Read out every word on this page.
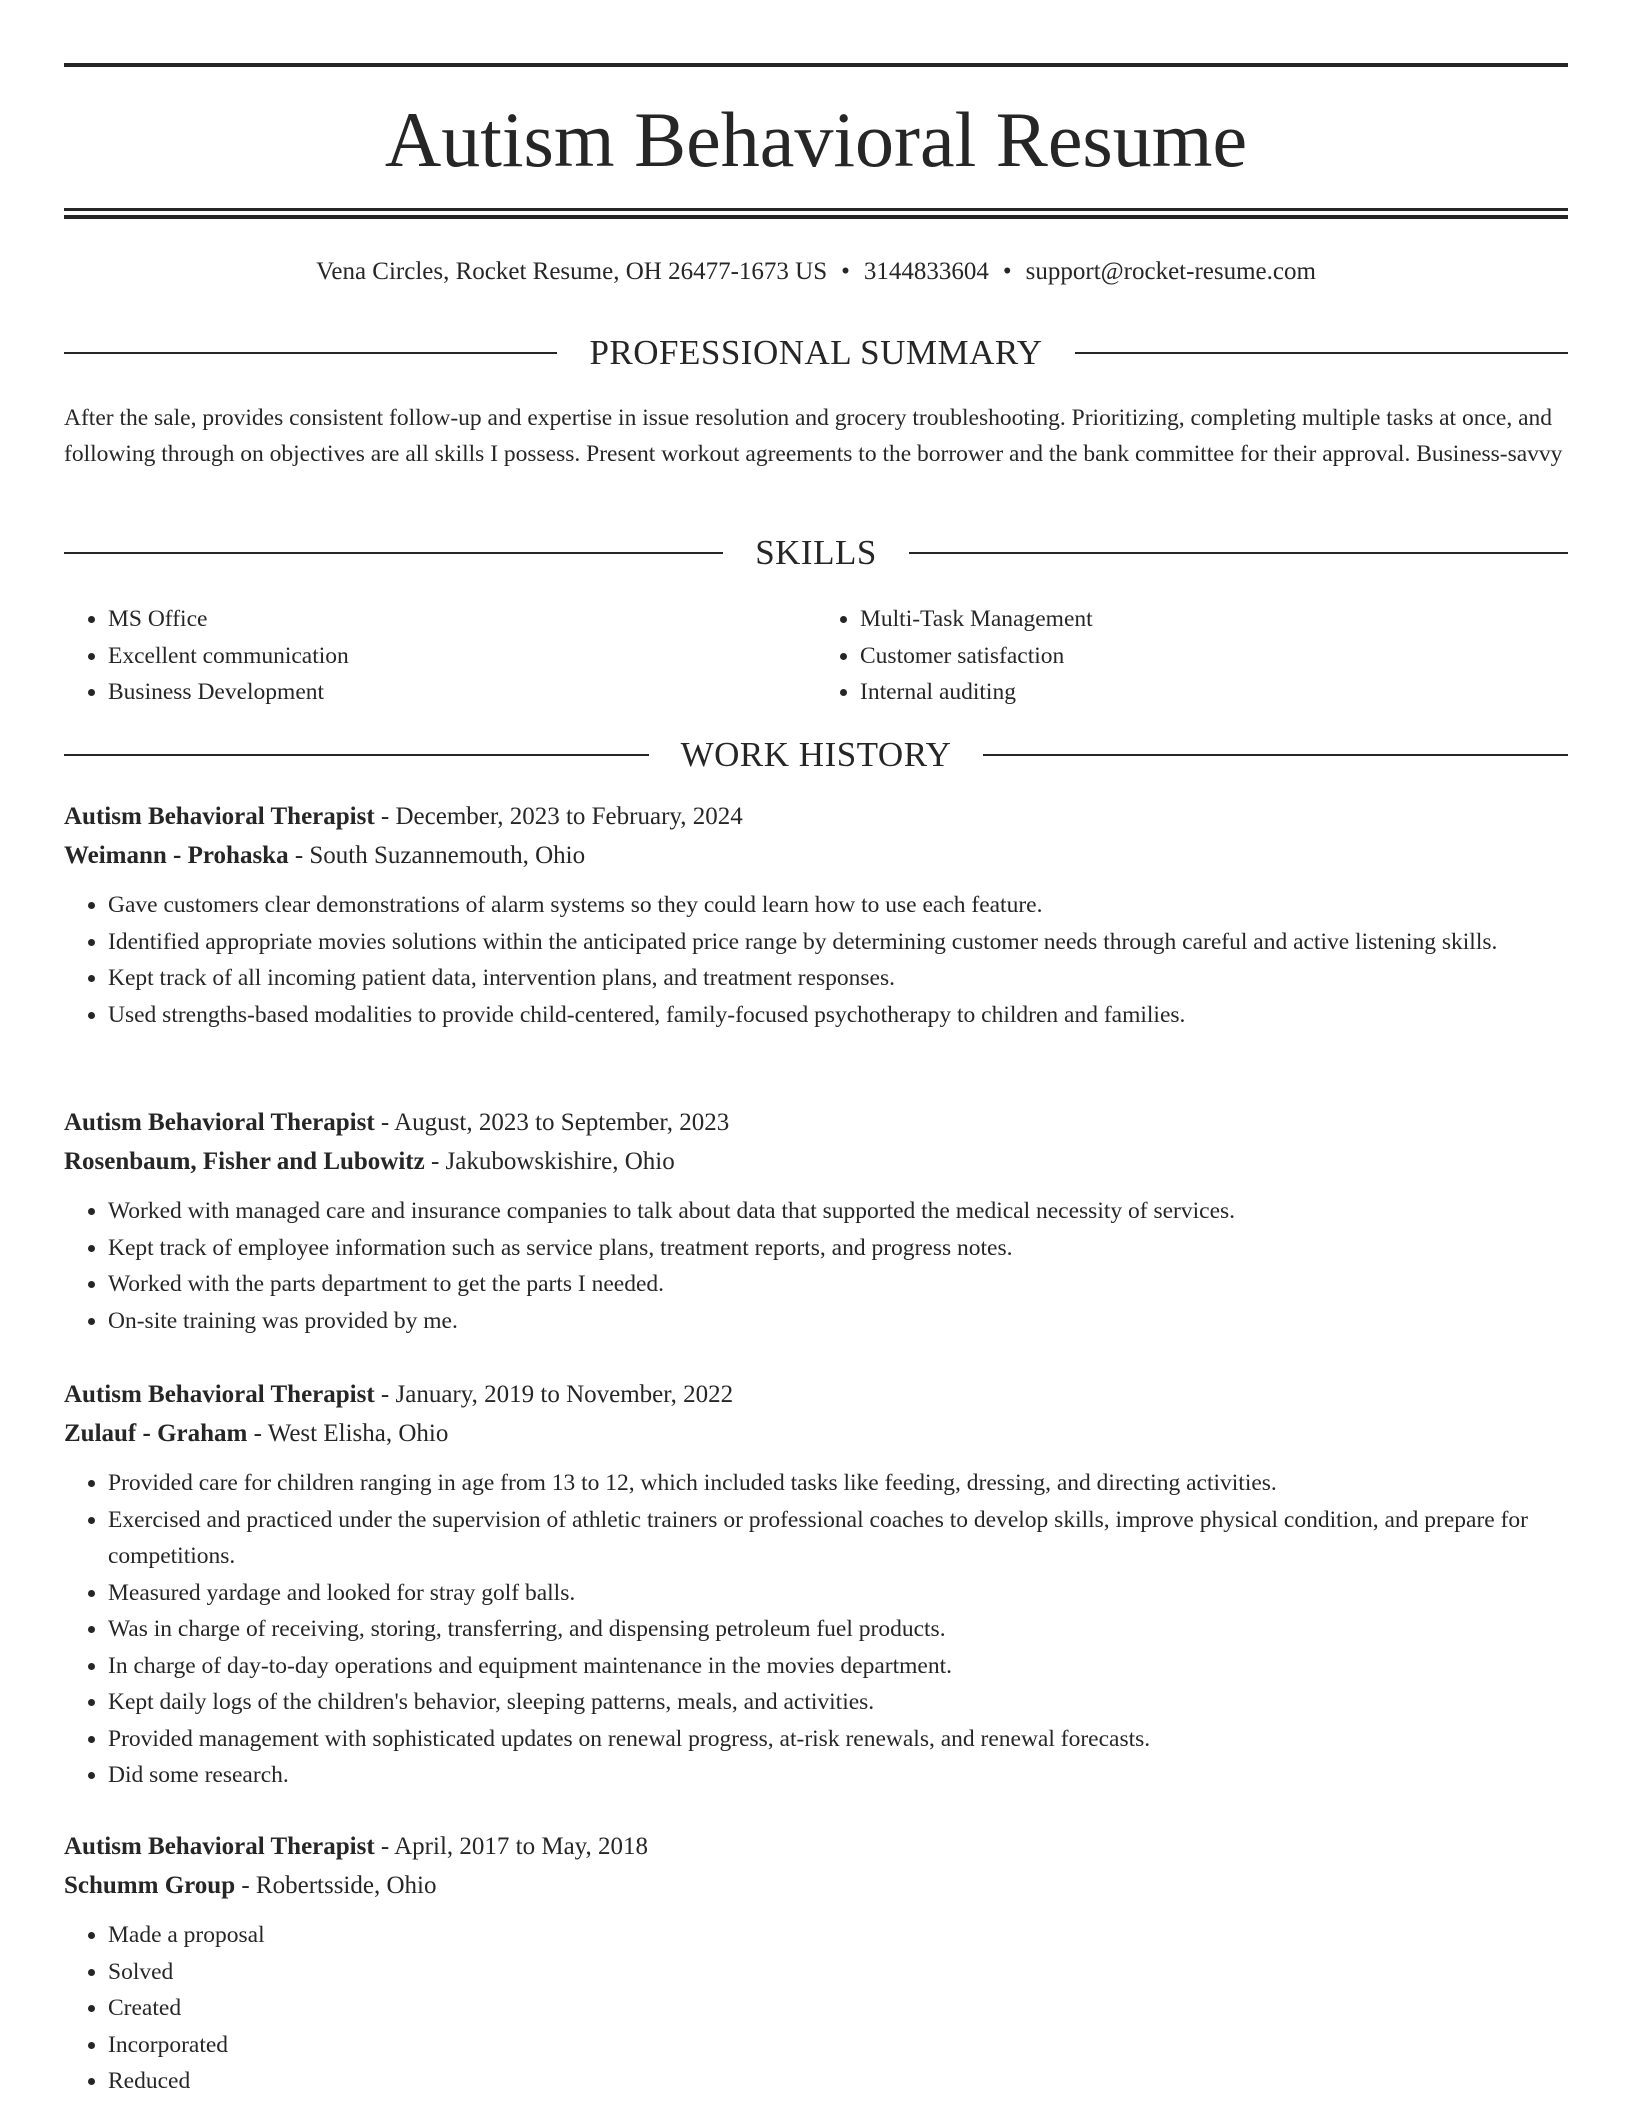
Autism Behavioral Resume
Vena Circles, Rocket Resume, OH 26477-1673 US • 3144833604 • support@rocket-resume.com
PROFESSIONAL SUMMARY

After the sale, provides consistent follow-up and expertise in issue resolution and grocery troubleshooting. Prioritizing, completing multiple tasks at once, and following through on objectives are all skills I possess. Present workout agreements to the borrower and the bank committee for their approval. Business-savvy

SKILLS
• MS Office
• Excellent communication
• Business Development
• Multi-Task Management
• Customer satisfaction
• Internal auditing
WORK HISTORY
Autism Behavioral Therapist - December, 2023 to February, 2024
Weimann - Prohaska - South Suzannemouth, Ohio
• Gave customers clear demonstrations of alarm systems so they could learn how to use each feature.
• Identified appropriate movies solutions within the anticipated price range by determining customer needs through careful and active listening skills.
• Kept track of all incoming patient data, intervention plans, and treatment responses.
• Used strengths-based modalities to provide child-centered, family-focused psychotherapy to children and families.
Autism Behavioral Therapist - August, 2023 to September, 2023
Rosenbaum, Fisher and Lubowitz - Jakubowskishire, Ohio
• Worked with managed care and insurance companies to talk about data that supported the medical necessity of services.
• Kept track of employee information such as service plans, treatment reports, and progress notes.
• Worked with the parts department to get the parts I needed.
• On-site training was provided by me.
Autism Behavioral Therapist - January, 2019 to November, 2022
Zulauf - Graham - West Elisha, Ohio
• Provided care for children ranging in age from 13 to 12, which included tasks like feeding, dressing, and directing activities.
• Exercised and practiced under the supervision of athletic trainers or professional coaches to develop skills, improve physical condition, and prepare for competitions.
• Measured yardage and looked for stray golf balls.
• Was in charge of receiving, storing, transferring, and dispensing petroleum fuel products.
• In charge of day-to-day operations and equipment maintenance in the movies department.
• Kept daily logs of the children's behavior, sleeping patterns, meals, and activities.
• Provided management with sophisticated updates on renewal progress, at-risk renewals, and renewal forecasts.
• Did some research.
Autism Behavioral Therapist - April, 2017 to May, 2018
Schumm Group - Robertsside, Ohio
• Made a proposal
• Solved
• Created
• Incorporated
• Reduced
